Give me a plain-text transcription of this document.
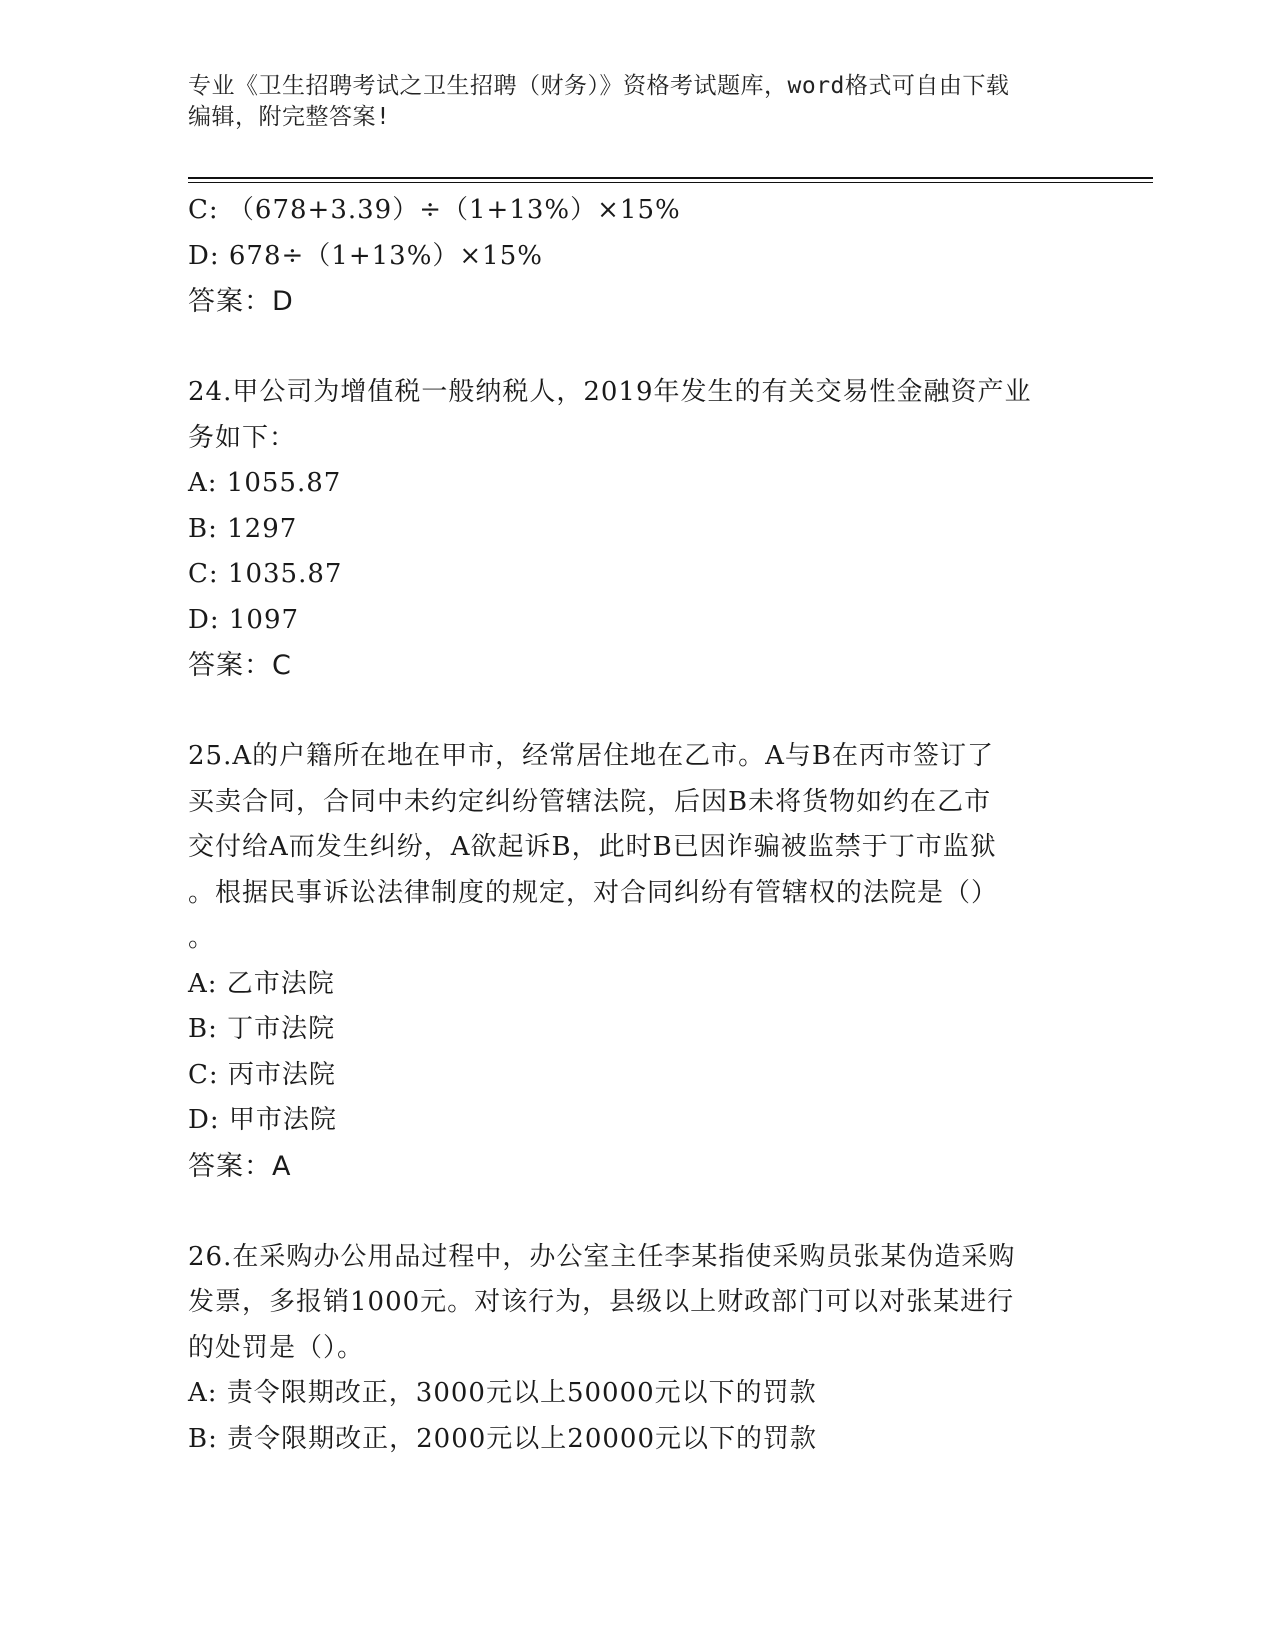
专业《卫生招聘考试之卫生招聘（财务）》资格考试题库，word格式可自由下载
编辑，附完整答案!
C: （678+3.39）÷（1+13%）×15%
D: 678÷（1+13%）×15%
答案：D
24.甲公司为增值税一般纳税人，2019年发生的有关交易性金融资产业
务如下：
A: 1055.87
B: 1297
C: 1035.87
D: 1097
答案：C
25.A的户籍所在地在甲市，经常居住地在乙市。A与B在丙市签订了
买卖合同，合同中未约定纠纷管辖法院，后因B未将货物如约在乙市
交付给A而发生纠纷，A欲起诉B，此时B已因诈骗被监禁于丁市监狱
。根据民事诉讼法律制度的规定，对合同纠纷有管辖权的法院是（）
。
A: 乙市法院
B: 丁市法院
C: 丙市法院
D: 甲市法院
答案：A
26.在采购办公用品过程中，办公室主任李某指使采购员张某伪造采购
发票，多报销1000元。对该行为，县级以上财政部门可以对张某进行
的处罚是（）。
A: 责令限期改正，3000元以上50000元以下的罚款
B: 责令限期改正，2000元以上20000元以下的罚款
